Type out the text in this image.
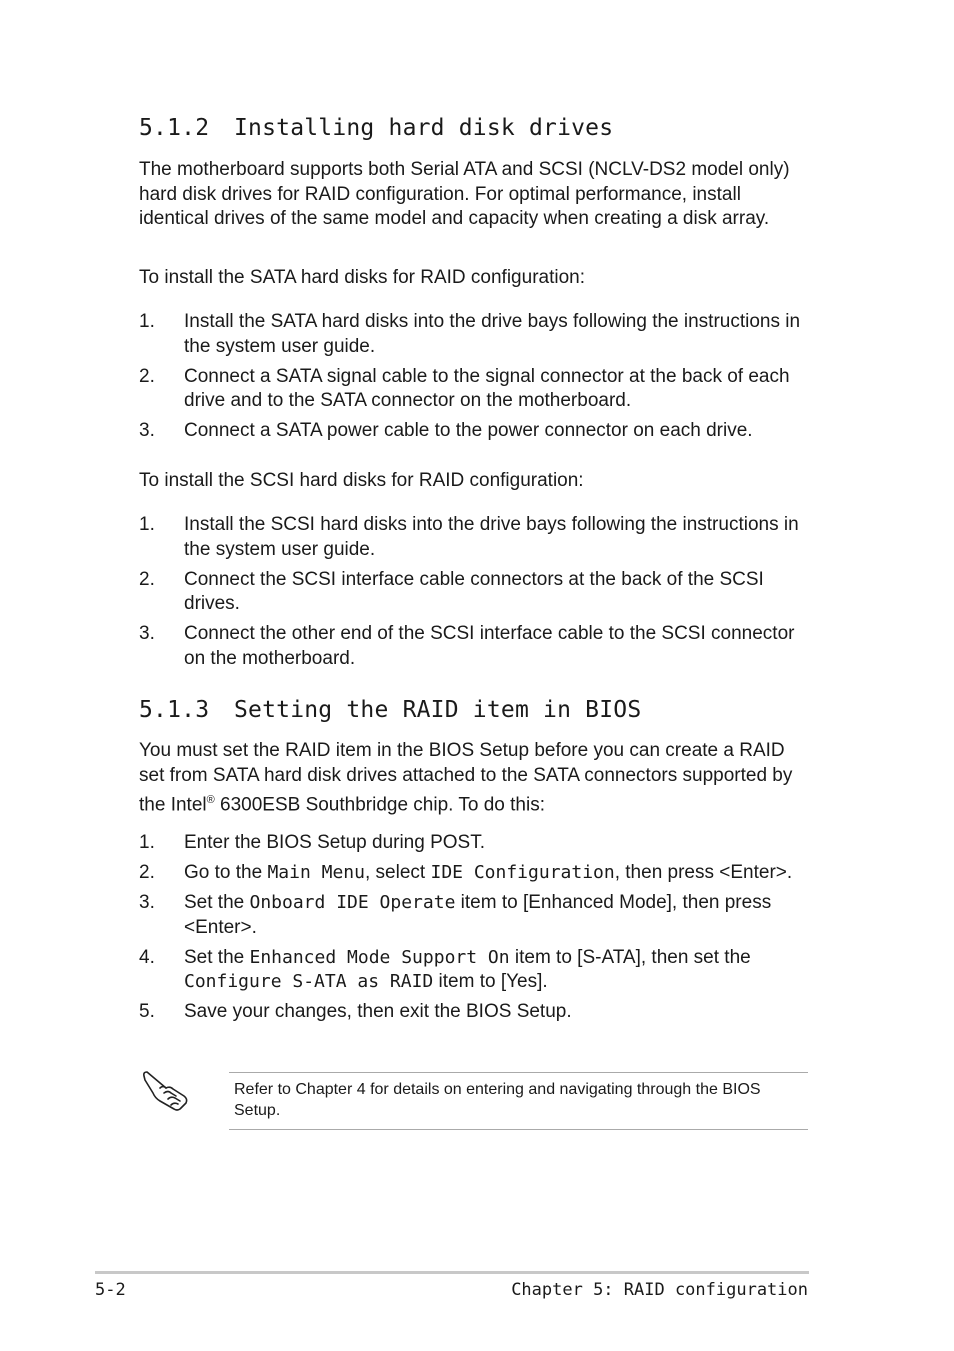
5.1.2 Installing hard disk drives

The motherboard supports both Serial ATA and SCSI (NCLV-DS2 model only) hard disk drives for RAID configuration. For optimal performance, install identical drives of the same model and capacity when creating a disk array.

To install the SATA hard disks for RAID configuration:

1. Install the SATA hard disks into the drive bays following the instructions in the system user guide.
2. Connect a SATA signal cable to the signal connector at the back of each drive and to the SATA connector on the motherboard.
3. Connect a SATA power cable to the power connector on each drive.

To install the SCSI hard disks for RAID configuration:

1. Install the SCSI hard disks into the drive bays following the instructions in the system user guide.
2. Connect the SCSI interface cable connectors at the back of the SCSI drives.
3. Connect the other end of the SCSI interface cable to the SCSI connector on the motherboard.
5.1.3 Setting the RAID item in BIOS

You must set the RAID item in the BIOS Setup before you can create a RAID set from SATA hard disk drives attached to the SATA connectors supported by the Intel® 6300ESB Southbridge chip. To do this:

1. Enter the BIOS Setup during POST.
2. Go to the Main Menu, select IDE Configuration, then press <Enter>.
3. Set the Onboard IDE Operate item to [Enhanced Mode], then press <Enter>.
4. Set the Enhanced Mode Support On item to [S-ATA], then set the Configure S-ATA as RAID item to [Yes].
5. Save your changes, then exit the BIOS Setup.

Refer to Chapter 4 for details on entering and navigating through the BIOS Setup.

5-2	Chapter 5: RAID configuration
